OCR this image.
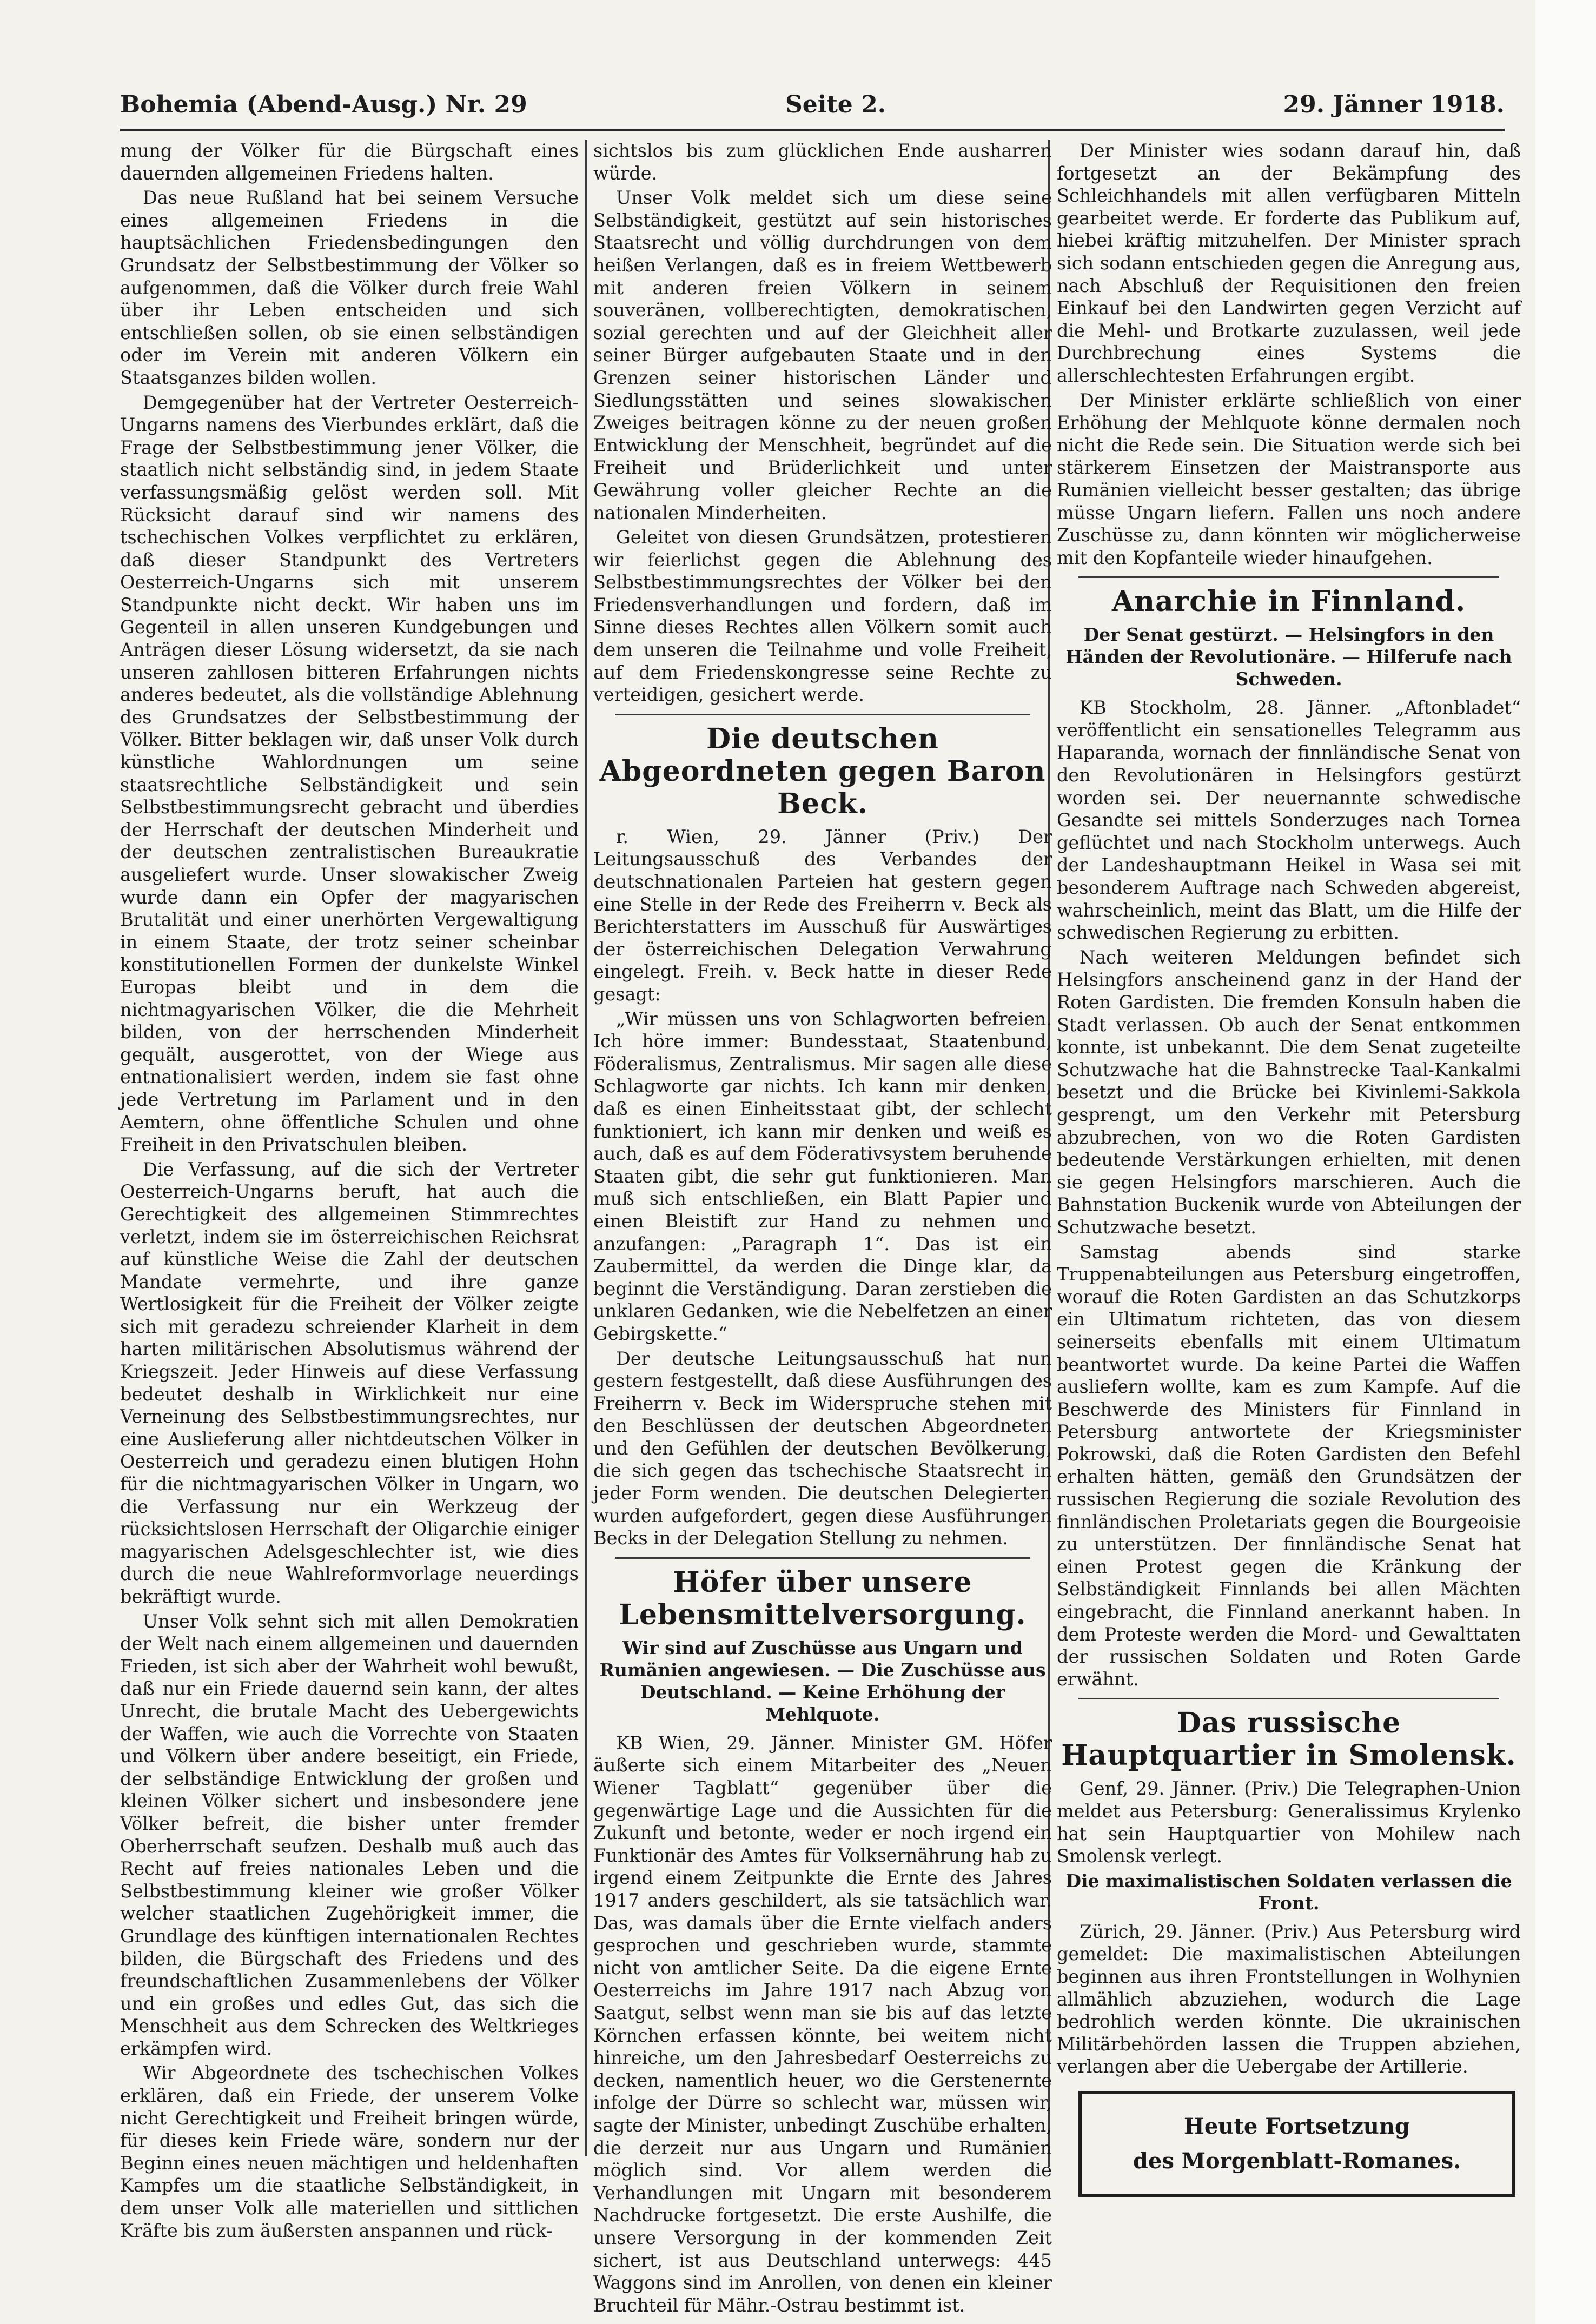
Bohemia (Abend-Ausg.) Nr. 29	Seite 2.	29. Jänner 1918.

mung der Völker für die Bürgschaft eines dauernden allgemeinen Friedens halten.

Das neue Rußland hat bei seinem Versuche eines allgemeinen Friedens in die hauptsächlichen Friedensbedingungen den Grundsatz der Selbstbestimmung der Völker so aufgenommen, daß die Völker durch freie Wahl über ihr Leben entscheiden und sich entschließen sollen, ob sie einen selbständigen oder im Verein mit anderen Völkern ein Staatsganzes bilden wollen.

Demgegenüber hat der Vertreter Oesterreich-Ungarns namens des Vierbundes erklärt, daß die Frage der Selbstbestimmung jener Völker, die staatlich nicht selbständig sind, in jedem Staate verfassungsmäßig gelöst werden soll. Mit Rücksicht darauf sind wir namens des tschechischen Volkes verpflichtet zu erklären, daß dieser Standpunkt des Vertreters Oesterreich-Ungarns sich mit unserem Standpunkte nicht deckt. Wir haben uns im Gegenteil in allen unseren Kundgebungen und Anträgen dieser Lösung widersetzt, da sie nach unseren zahllosen bitteren Erfahrungen nichts anderes bedeutet, als die vollständige Ablehnung des Grundsatzes der Selbstbestimmung der Völker. Bitter beklagen wir, daß unser Volk durch künstliche Wahlordnungen um seine staatsrechtliche Selbständigkeit und sein Selbstbestimmungsrecht gebracht und überdies der Herrschaft der deutschen Minderheit und der deutschen zentralistischen Bureaukratie ausgeliefert wurde. Unser slowakischer Zweig wurde dann ein Opfer der magyarischen Brutalität und einer unerhörten Vergewaltigung in einem Staate, der trotz seiner scheinbar konstitutionellen Formen der dunkelste Winkel Europas bleibt und in dem die nichtmagyarischen Völker, die die Mehrheit bilden, von der herrschenden Minderheit gequält, ausgerottet, von der Wiege aus entnationalisiert werden, indem sie fast ohne jede Vertretung im Parlament und in den Aemtern, ohne öffentliche Schulen und ohne Freiheit in den Privatschulen bleiben.

Die Verfassung, auf die sich der Vertreter Oesterreich-Ungarns beruft, hat auch die Gerechtigkeit des allgemeinen Stimmrechtes verletzt, indem sie im österreichischen Reichsrat auf künstliche Weise die Zahl der deutschen Mandate vermehrte, und ihre ganze Wertlosigkeit für die Freiheit der Völker zeigte sich mit geradezu schreiender Klarheit in dem harten militärischen Absolutismus während der Kriegszeit. Jeder Hinweis auf diese Verfassung bedeutet deshalb in Wirklichkeit nur eine Verneinung des Selbstbestimmungsrechtes, nur eine Auslieferung aller nichtdeutschen Völker in Oesterreich und geradezu einen blutigen Hohn für die nichtmagyarischen Völker in Ungarn, wo die Verfassung nur ein Werkzeug der rücksichtslosen Herrschaft der Oligarchie einiger magyarischen Adelsgeschlechter ist, wie dies durch die neue Wahlreformvorlage neuerdings bekräftigt wurde.

Unser Volk sehnt sich mit allen Demokratien der Welt nach einem allgemeinen und dauernden Frieden, ist sich aber der Wahrheit wohl bewußt, daß nur ein Friede dauernd sein kann, der altes Unrecht, die brutale Macht des Uebergewichts der Waffen, wie auch die Vorrechte von Staaten und Völkern über andere beseitigt, ein Friede, der selbständige Entwicklung der großen und kleinen Völker sichert und insbesondere jene Völker befreit, die bisher unter fremder Oberherrschaft seufzen. Deshalb muß auch das Recht auf freies nationales Leben und die Selbstbestimmung kleiner wie großer Völker welcher staatlichen Zugehörigkeit immer, die Grundlage des künftigen internationalen Rechtes bilden, die Bürgschaft des Friedens und des freundschaftlichen Zusammenlebens der Völker und ein großes und edles Gut, das sich die Menschheit aus dem Schrecken des Weltkrieges erkämpfen wird.

Wir Abgeordnete des tschechischen Volkes erklären, daß ein Friede, der unserem Volke nicht Gerechtigkeit und Freiheit bringen würde, für dieses kein Friede wäre, sondern nur der Beginn eines neuen mächtigen und heldenhaften Kampfes um die staatliche Selbständigkeit, in dem unser Volk alle materiellen und sittlichen Kräfte bis zum äußersten anspannen und rück-

sichtslos bis zum glücklichen Ende ausharren würde.

Unser Volk meldet sich um diese seine Selbständigkeit, gestützt auf sein historisches Staatsrecht und völlig durchdrungen von dem heißen Verlangen, daß es in freiem Wettbewerb mit anderen freien Völkern in seinem souveränen, vollberechtigten, demokratischen, sozial gerechten und auf der Gleichheit aller seiner Bürger aufgebauten Staate und in den Grenzen seiner historischen Länder und Siedlungsstätten und seines slowakischen Zweiges beitragen könne zu der neuen großen Entwicklung der Menschheit, begründet auf die Freiheit und Brüderlichkeit und unter Gewährung voller gleicher Rechte an die nationalen Minderheiten.

Geleitet von diesen Grundsätzen, protestieren wir feierlichst gegen die Ablehnung des Selbstbestimmungsrechtes der Völker bei den Friedensverhandlungen und fordern, daß im Sinne dieses Rechtes allen Völkern somit auch dem unseren die Teilnahme und volle Freiheit, auf dem Friedenskongresse seine Rechte zu verteidigen, gesichert werde.

Die deutschen Abgeordneten gegen Baron Beck.

r. Wien, 29. Jänner (Priv.) Der Leitungsausschuß des Verbandes der deutschnationalen Parteien hat gestern gegen eine Stelle in der Rede des Freiherrn v. Beck als Berichterstatters im Ausschuß für Auswärtiges der österreichischen Delegation Verwahrung eingelegt. Freih. v. Beck hatte in dieser Rede gesagt:

„Wir müssen uns von Schlagworten befreien. Ich höre immer: Bundesstaat, Staatenbund, Föderalismus, Zentralismus. Mir sagen alle diese Schlagworte gar nichts. Ich kann mir denken, daß es einen Einheitsstaat gibt, der schlecht funktioniert, ich kann mir denken und weiß es auch, daß es auf dem Föderativsystem beruhende Staaten gibt, die sehr gut funktionieren. Man muß sich entschließen, ein Blatt Papier und einen Bleistift zur Hand zu nehmen und anzufangen: „Paragraph 1“. Das ist ein Zaubermittel, da werden die Dinge klar, da beginnt die Verständigung. Daran zerstieben die unklaren Gedanken, wie die Nebelfetzen an einer Gebirgskette.“

Der deutsche Leitungsausschuß hat nun gestern festgestellt, daß diese Ausführungen des Freiherrn v. Beck im Widerspruche stehen mit den Beschlüssen der deutschen Abgeordneten und den Gefühlen der deutschen Bevölkerung, die sich gegen das tschechische Staatsrecht in jeder Form wenden. Die deutschen Delegierten wurden aufgefordert, gegen diese Ausführungen Becks in der Delegation Stellung zu nehmen.

Höfer über unsere Lebensmittelversorgung.
Wir sind auf Zuschüsse aus Ungarn und Rumänien angewiesen. — Die Zuschüsse aus Deutschland. — Keine Erhöhung der Mehlquote.

KB Wien, 29. Jänner. Minister GM. Höfer äußerte sich einem Mitarbeiter des „Neuen Wiener Tagblatt“ gegenüber über die gegenwärtige Lage und die Aussichten für die Zukunft und betonte, weder er noch irgend ein Funktionär des Amtes für Volksernährung hab zu irgend einem Zeitpunkte die Ernte des Jahres 1917 anders geschildert, als sie tatsächlich war. Das, was damals über die Ernte vielfach anders gesprochen und geschrieben wurde, stammte nicht von amtlicher Seite. Da die eigene Ernte Oesterreichs im Jahre 1917 nach Abzug von Saatgut, selbst wenn man sie bis auf das letzte Körnchen erfassen könnte, bei weitem nicht hinreiche, um den Jahresbedarf Oesterreichs zu decken, namentlich heuer, wo die Gerstenernte infolge der Dürre so schlecht war, müssen wir, sagte der Minister, unbedingt Zuschübe erhalten, die derzeit nur aus Ungarn und Rumänien möglich sind. Vor allem werden die Verhandlungen mit Ungarn mit besonderem Nachdrucke fortgesetzt. Die erste Aushilfe, die unsere Versorgung in der kommenden Zeit sichert, ist aus Deutschland unterwegs: 445 Waggons sind im Anrollen, von denen ein kleiner Bruchteil für Mähr.-Ostrau bestimmt ist.

Der Minister wies sodann darauf hin, daß fortgesetzt an der Bekämpfung des Schleichhandels mit allen verfügbaren Mitteln gearbeitet werde. Er forderte das Publikum auf, hiebei kräftig mitzuhelfen. Der Minister sprach sich sodann entschieden gegen die Anregung aus, nach Abschluß der Requisitionen den freien Einkauf bei den Landwirten gegen Verzicht auf die Mehl- und Brotkarte zuzulassen, weil jede Durchbrechung eines Systems die allerschlechtesten Erfahrungen ergibt.

Der Minister erklärte schließlich von einer Erhöhung der Mehlquote könne dermalen noch nicht die Rede sein. Die Situation werde sich bei stärkerem Einsetzen der Maistransporte aus Rumänien vielleicht besser gestalten; das übrige müsse Ungarn liefern. Fallen uns noch andere Zuschüsse zu, dann könnten wir möglicherweise mit den Kopfanteile wieder hinaufgehen.

Anarchie in Finnland.
Der Senat gestürzt. — Helsingfors in den Händen der Revolutionäre. — Hilferufe nach Schweden.

KB Stockholm, 28. Jänner. „Aftonbladet“ veröffentlicht ein sensationelles Telegramm aus Haparanda, wornach der finnländische Senat von den Revolutionären in Helsingfors gestürzt worden sei. Der neuernannte schwedische Gesandte sei mittels Sonderzuges nach Tornea geflüchtet und nach Stockholm unterwegs. Auch der Landeshauptmann Heikel in Wasa sei mit besonderem Auftrage nach Schweden abgereist, wahrscheinlich, meint das Blatt, um die Hilfe der schwedischen Regierung zu erbitten.

Nach weiteren Meldungen befindet sich Helsingfors anscheinend ganz in der Hand der Roten Gardisten. Die fremden Konsuln haben die Stadt verlassen. Ob auch der Senat entkommen konnte, ist unbekannt. Die dem Senat zugeteilte Schutzwache hat die Bahnstrecke Taal-Kankalmi besetzt und die Brücke bei Kivinlemi-Sakkola gesprengt, um den Verkehr mit Petersburg abzubrechen, von wo die Roten Gardisten bedeutende Verstärkungen erhielten, mit denen sie gegen Helsingfors marschieren. Auch die Bahnstation Buckenik wurde von Abteilungen der Schutzwache besetzt.

Samstag abends sind starke Truppenabteilungen aus Petersburg eingetroffen, worauf die Roten Gardisten an das Schutzkorps ein Ultimatum richteten, das von diesem seinerseits ebenfalls mit einem Ultimatum beantwortet wurde. Da keine Partei die Waffen ausliefern wollte, kam es zum Kampfe. Auf die Beschwerde des Ministers für Finnland in Petersburg antwortete der Kriegsminister Pokrowski, daß die Roten Gardisten den Befehl erhalten hätten, gemäß den Grundsätzen der russischen Regierung die soziale Revolution des finnländischen Proletariats gegen die Bourgeoisie zu unterstützen. Der finnländische Senat hat einen Protest gegen die Kränkung der Selbständigkeit Finnlands bei allen Mächten eingebracht, die Finnland anerkannt haben. In dem Proteste werden die Mord- und Gewalttaten der russischen Soldaten und Roten Garde erwähnt.

Das russische Hauptquartier in Smolensk.

Genf, 29. Jänner. (Priv.) Die Telegraphen-Union meldet aus Petersburg: Generalissimus Krylenko hat sein Hauptquartier von Mohilew nach Smolensk verlegt.

Die maximalistischen Soldaten verlassen die Front.

Zürich, 29. Jänner. (Priv.) Aus Petersburg wird gemeldet: Die maximalistischen Abteilungen beginnen aus ihren Frontstellungen in Wolhynien allmählich abzuziehen, wodurch die Lage bedrohlich werden könnte. Die ukrainischen Militärbehörden lassen die Truppen abziehen, verlangen aber die Uebergabe der Artillerie.

Heute Fortsetzung
des Morgenblatt-Romanes.
